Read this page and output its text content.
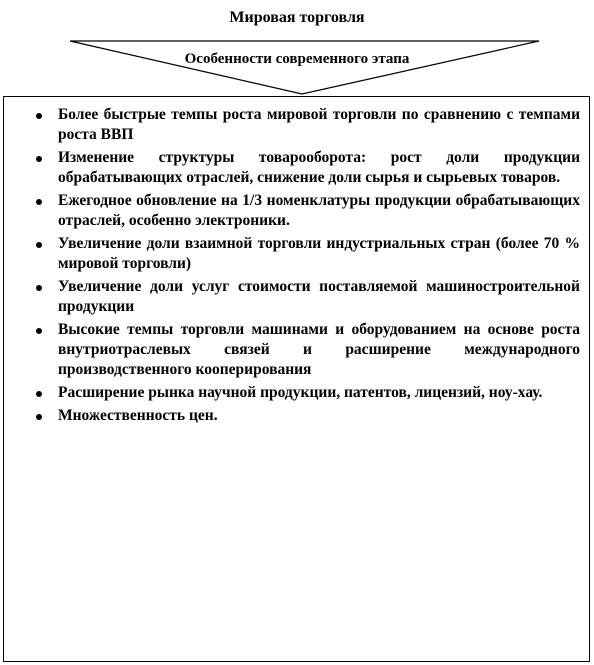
Мировая торговля
Особенности современного этапа
Более быстрые темпы роста мировой торговли по сравнению с темпами роста ВВП
Изменение структуры товарооборота: рост доли продукции обрабатывающих отраслей, снижение доли сырья и сырьевых товаров.
Ежегодное обновление на 1/3 номенклатуры продукции обрабатывающих отраслей, особенно электроники.
Увеличение доли взаимной торговли индустриальных стран (более 70 % мировой торговли)
Увеличение доли услуг стоимости поставляемой машиностроительной продукции
Высокие темпы торговли машинами и оборудованием на основе роста внутриотраслевых связей и расширение международного производственного кооперирования
Расширение рынка научной продукции, патентов, лицензий, ноу-хау.
Множественность цен.
